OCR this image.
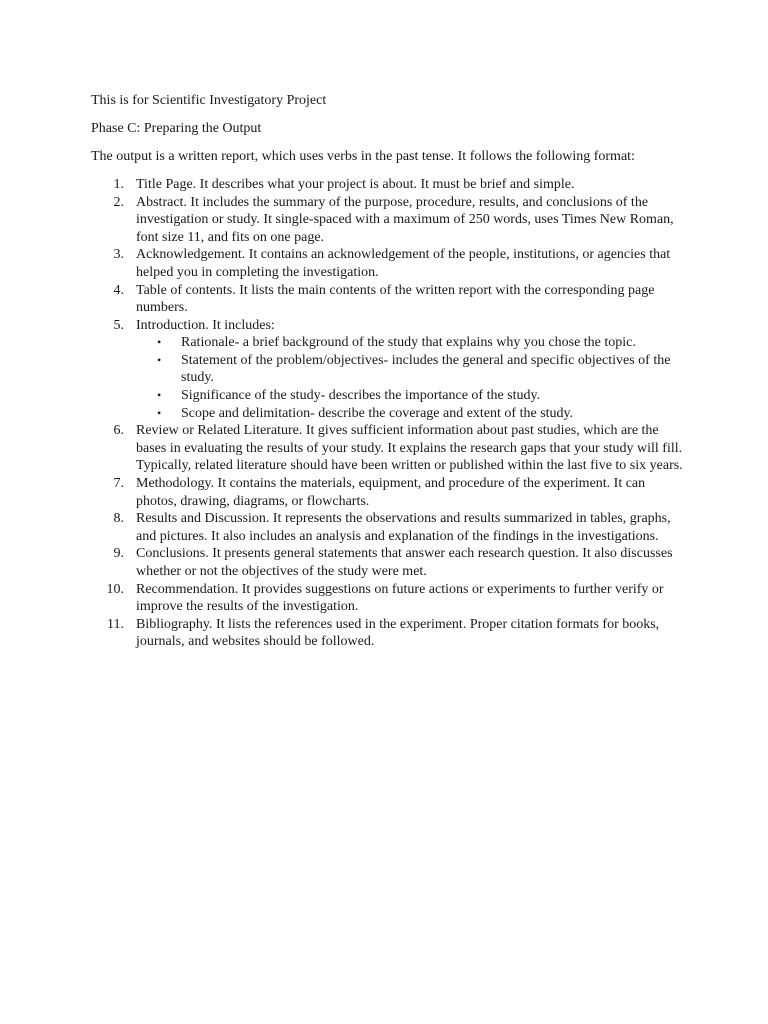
This is for Scientific Investigatory Project

Phase C: Preparing the Output

The output is a written report, which uses verbs in the past tense. It follows the following format:

1. Title Page. It describes what your project is about. It must be brief and simple.
2. Abstract. It includes the summary of the purpose, procedure, results, and conclusions of the investigation or study. It single-spaced with a maximum of 250 words, uses Times New Roman, font size 11, and fits on one page.
3. Acknowledgement. It contains an acknowledgement of the people, institutions, or agencies that helped you in completing the investigation.
4. Table of contents. It lists the main contents of the written report with the corresponding page numbers.
5. Introduction. It includes:
• Rationale- a brief background of the study that explains why you chose the topic.
• Statement of the problem/objectives- includes the general and specific objectives of the study.
• Significance of the study- describes the importance of the study.
• Scope and delimitation- describe the coverage and extent of the study.
6. Review or Related Literature. It gives sufficient information about past studies, which are the bases in evaluating the results of your study. It explains the research gaps that your study will fill. Typically, related literature should have been written or published within the last five to six years.
7. Methodology. It contains the materials, equipment, and procedure of the experiment. It can photos, drawing, diagrams, or flowcharts.
8. Results and Discussion. It represents the observations and results summarized in tables, graphs, and pictures. It also includes an analysis and explanation of the findings in the investigations.
9. Conclusions. It presents general statements that answer each research question. It also discusses whether or not the objectives of the study were met.
10. Recommendation. It provides suggestions on future actions or experiments to further verify or improve the results of the investigation.
11. Bibliography. It lists the references used in the experiment. Proper citation formats for books, journals, and websites should be followed.
